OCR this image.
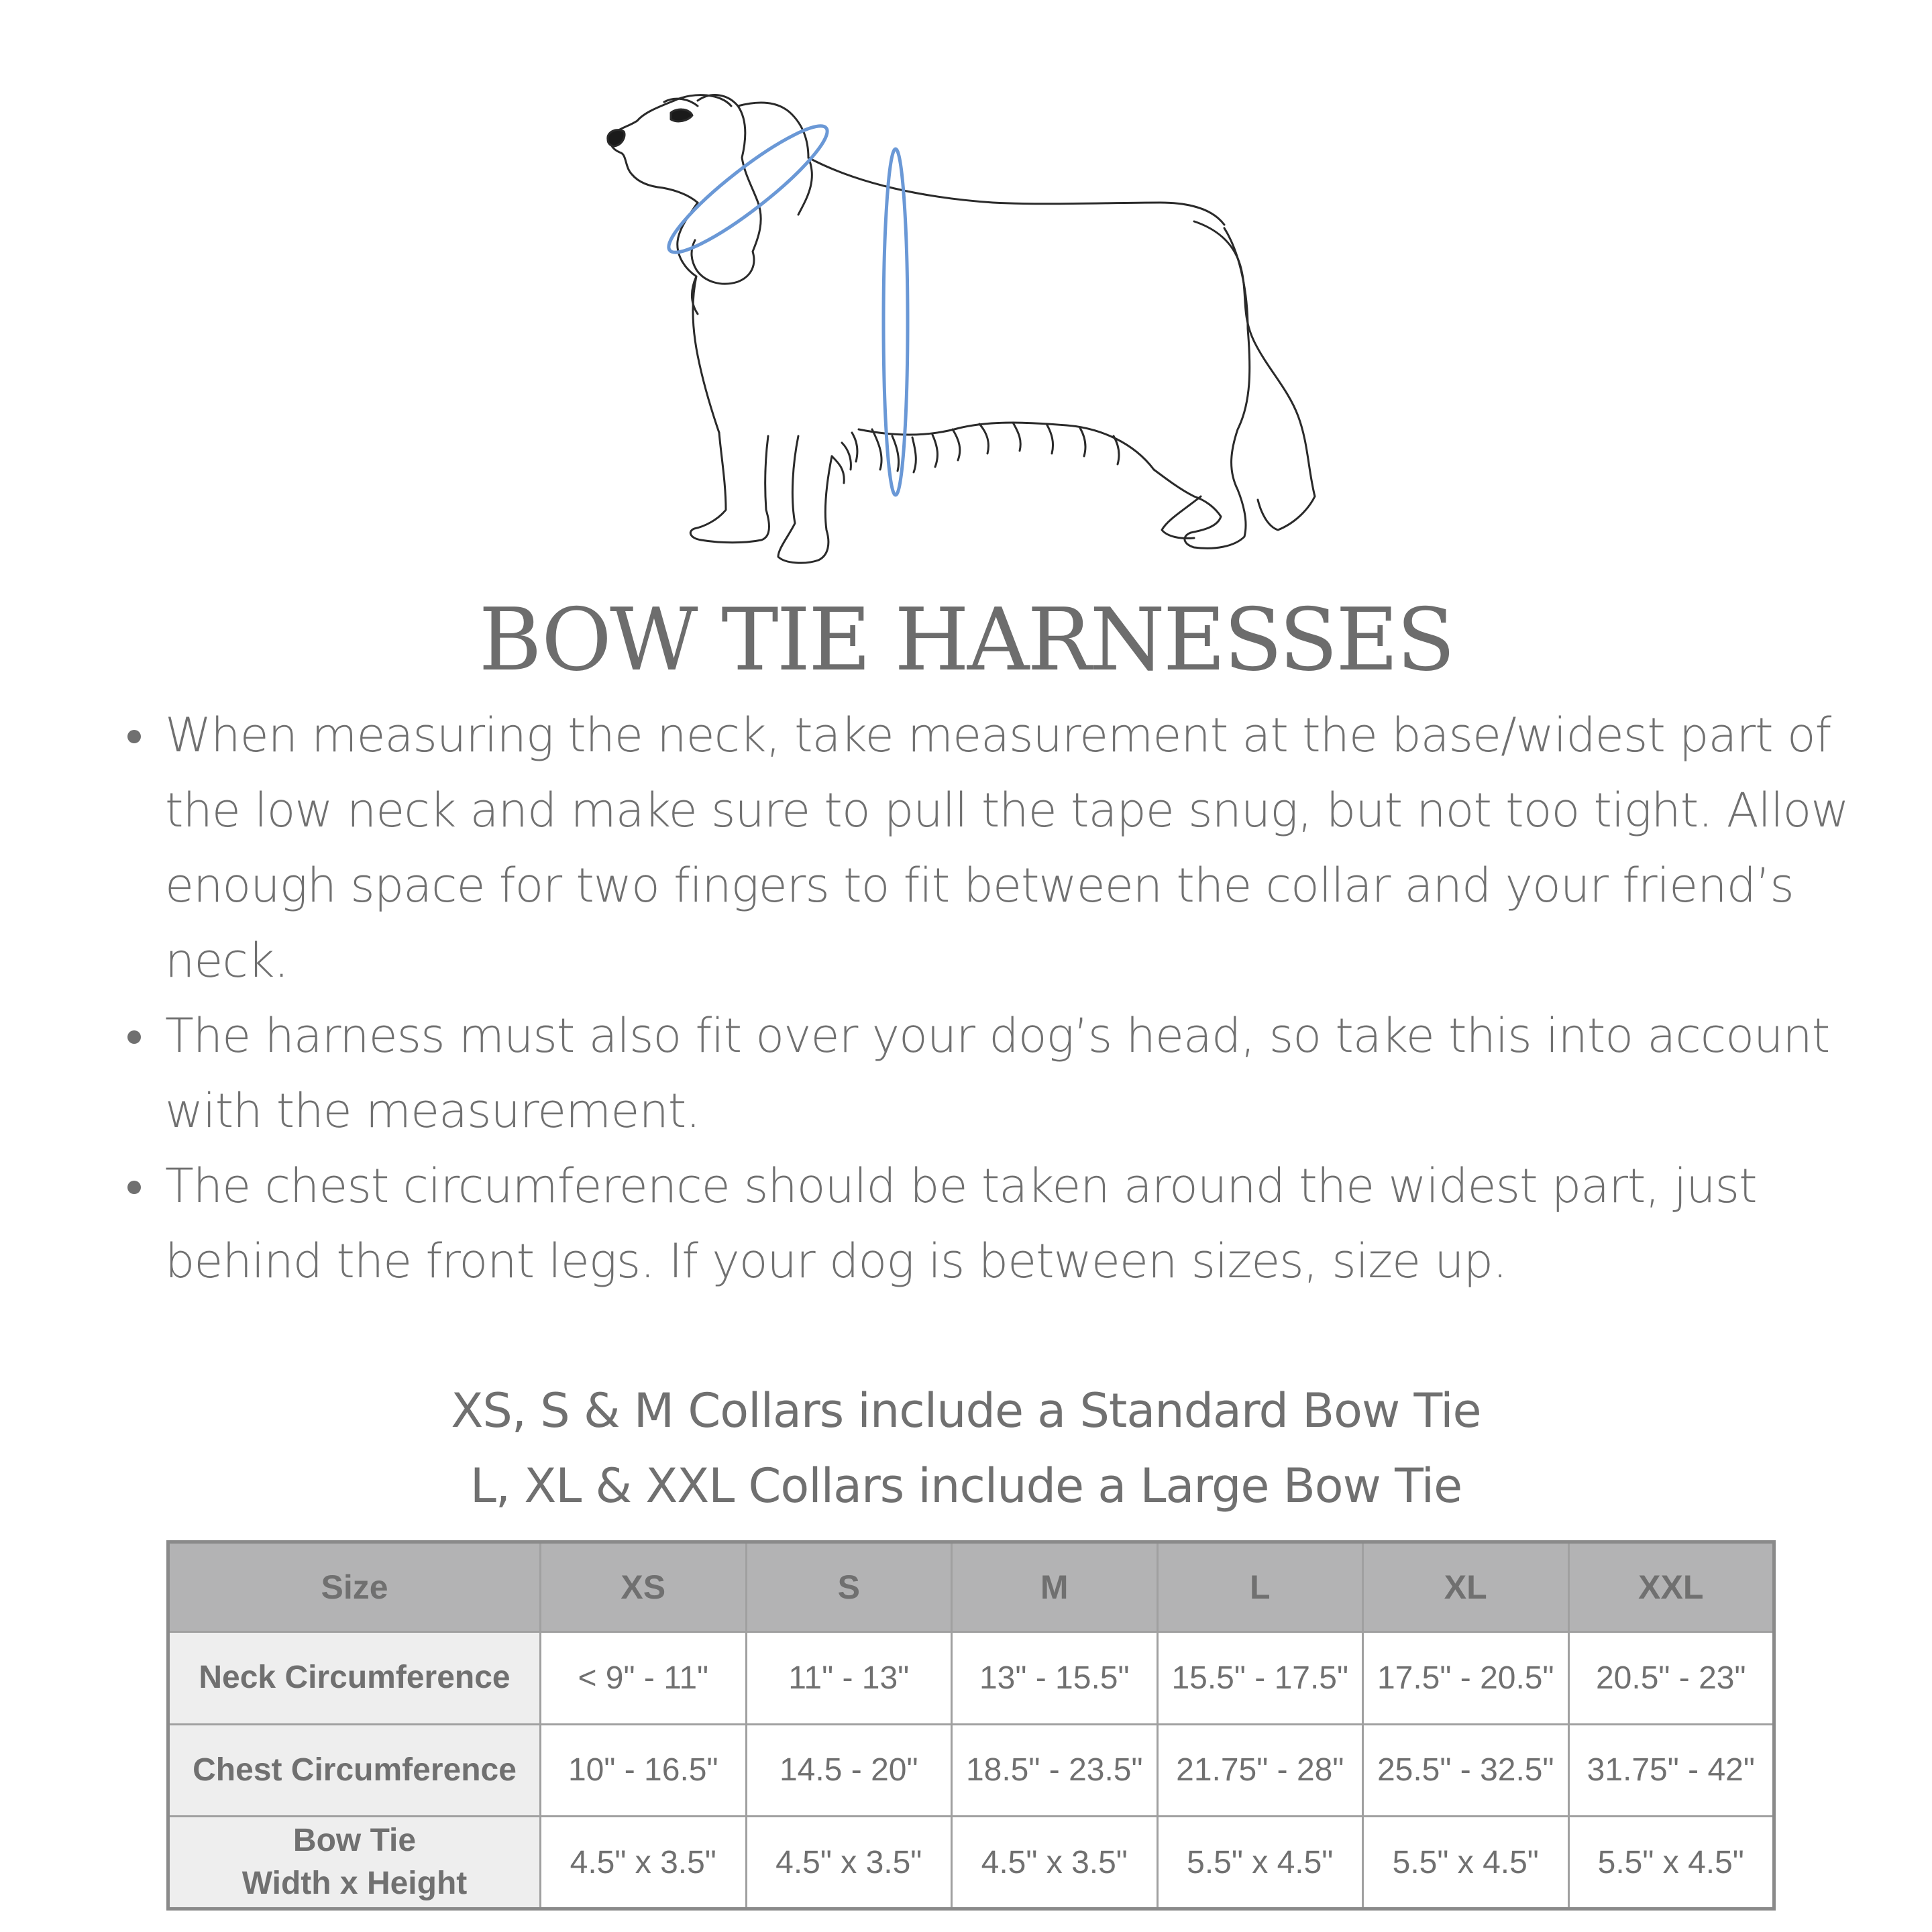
BOW TIE HARNESSES
When measuring the neck, take measurement at the base/widest part of the low neck and make sure to pull the tape snug, but not too tight. Allow enough space for two fingers to fit between the collar and your friend’s neck.
The harness must also fit over your dog’s head, so take this into account with the measurement.
The chest circumference should be taken around the widest part, just behind the front legs. If your dog is between sizes, size up.
XS, S & M Collars include a Standard Bow Tie
L, XL & XXL Collars include a Large Bow Tie
Size	XS	S	M	L	XL	XXL
Neck Circumference	< 9" - 11"	11" - 13"	13" - 15.5"	15.5" - 17.5"	17.5" - 20.5"	20.5" - 23"
Chest Circumference	10" - 16.5"	14.5 - 20"	18.5" - 23.5"	21.75" - 28"	25.5" - 32.5"	31.75" - 42"
Bow Tie
Width x Height	4.5" x 3.5"	4.5" x 3.5"	4.5" x 3.5"	5.5" x 4.5"	5.5" x 4.5"	5.5" x 4.5"
